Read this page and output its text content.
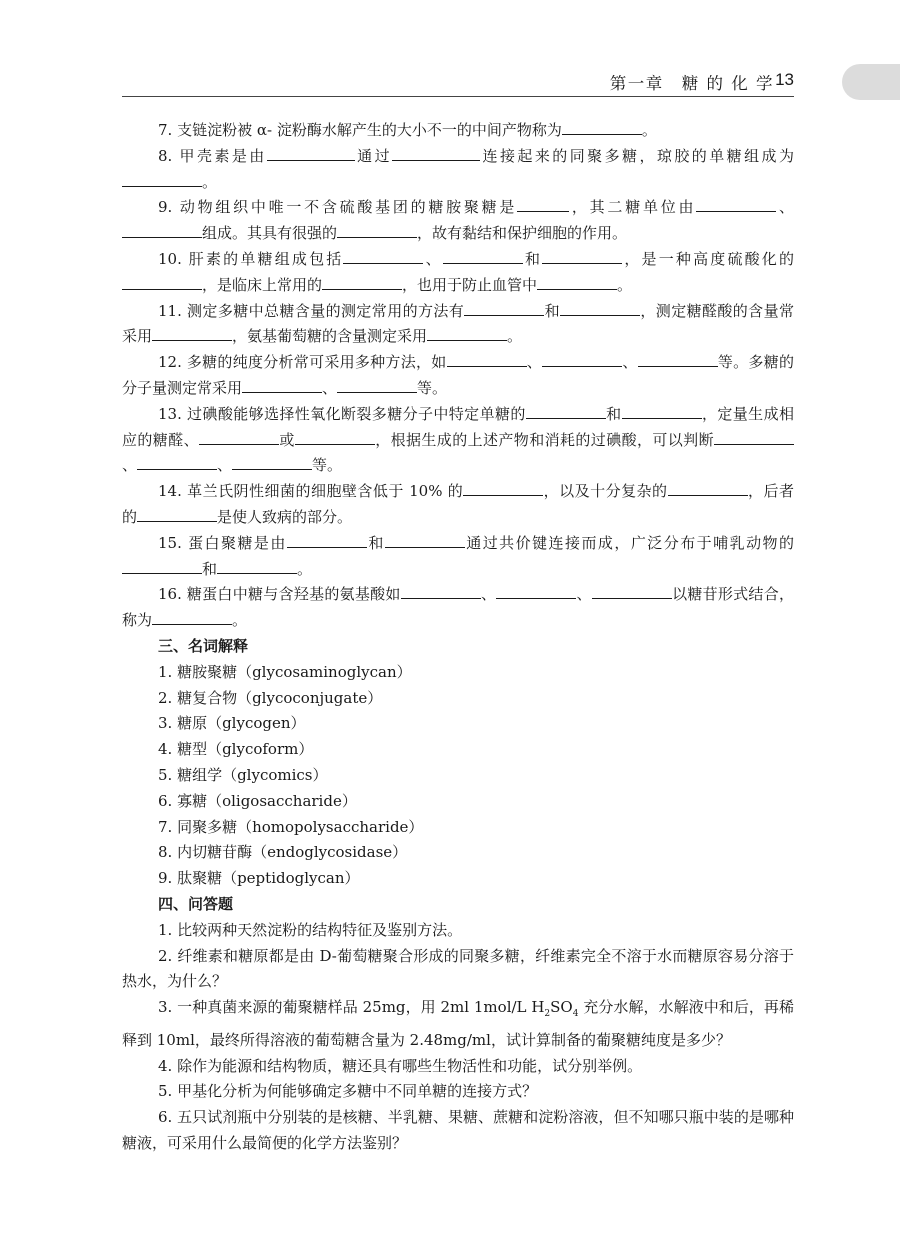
第一章　糖 的 化 学 13

7. 支链淀粉被 α- 淀粉酶水解产生的大小不一的中间产物称为	。

8. 甲壳素是由	通过	连接起来的同聚多糖，琼胶的单糖组成为。

9. 动物组织中唯一不含硫酸基团的糖胺聚糖是	，其二糖单位由	、组成。其具有很强的	，故有黏结和保护细胞的作用。

10. 肝素的单糖组成包括	、	和	，是一种高度硫酸化的，是临床上常用的	，也用于防止血管中	。

11. 测定多糖中总糖含量的测定常用的方法有	和	，测定糖醛酸的含量常采用	，氨基葡萄糖的含量测定采用	。

12. 多糖的纯度分析常可采用多种方法，如	、	、	等。多糖的分子量测定常采用	、	等。

13. 过碘酸能够选择性氧化断裂多糖分子中特定单糖的	和	，定量生成相应的糖醛、	或	，根据生成的上述产物和消耗的过碘酸，可以判断、	、	等。

14. 革兰氏阴性细菌的细胞壁含低于 10% 的	，以及十分复杂的	，后者的	是使人致病的部分。

15. 蛋白聚糖是由	和	通过共价键连接而成，广泛分布于哺乳动物的和	。

16. 糖蛋白中糖与含羟基的氨基酸如	、	、	以糖苷形式结合，称为	。

三、名词解释

1. 糖胺聚糖（glycosaminoglycan）

2. 糖复合物（glycoconjugate）

3. 糖原（glycogen）

4. 糖型（glycoform）

5. 糖组学（glycomics）

6. 寡糖（oligosaccharide）

7. 同聚多糖（homopolysaccharide）

8. 内切糖苷酶（endoglycosidase）

9. 肽聚糖（peptidoglycan）

四、问答题

1. 比较两种天然淀粉的结构特征及鉴别方法。

2. 纤维素和糖原都是由 D-葡萄糖聚合形成的同聚多糖，纤维素完全不溶于水而糖原容易分溶于热水，为什么？

3. 一种真菌来源的葡聚糖样品 25mg，用 2ml 1mol/L $H_2SO_4$ 充分水解，水解液中和后，再稀释到 10ml，最终所得溶液的葡萄糖含量为 2.48mg/ml，试计算制备的葡聚糖纯度是多少？

4. 除作为能源和结构物质，糖还具有哪些生物活性和功能，试分别举例。

5. 甲基化分析为何能够确定多糖中不同单糖的连接方式？

6. 五只试剂瓶中分别装的是核糖、半乳糖、果糖、蔗糖和淀粉溶液，但不知哪只瓶中装的是哪种糖液，可采用什么最简便的化学方法鉴别？
